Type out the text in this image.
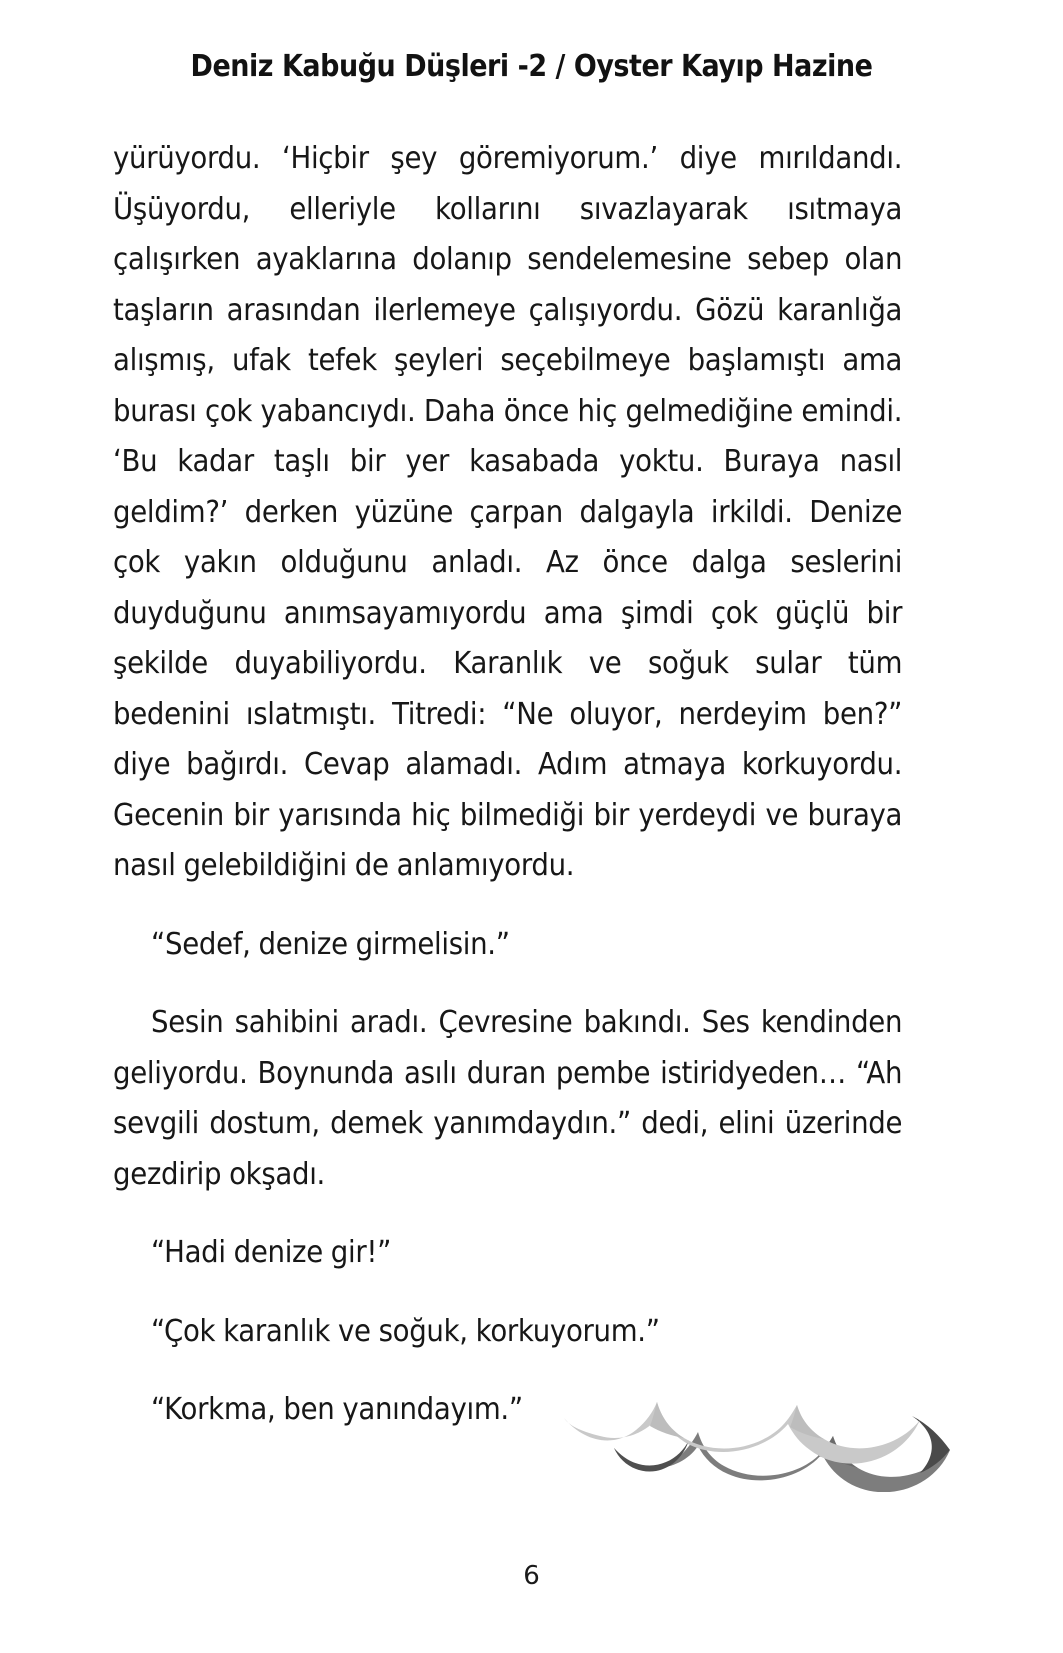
Deniz Kabuğu Düşleri -2 / Oyster Kayıp Hazine

yürüyordu. ‘Hiçbir şey göremiyorum.’ diye mırıldandı. Üşüyordu, elleriyle kollarını sıvazlayarak ısıtmaya çalışırken ayaklarına dolanıp sendelemesine sebep olan taşların arasından ilerlemeye çalışıyordu. Gözü karanlığa alışmış, ufak tefek şeyleri seçebilmeye başlamıştı ama burası çok yabancıydı. Daha önce hiç gelmediğine emindi. ‘Bu kadar taşlı bir yer kasabada yoktu. Buraya nasıl geldim?’ derken yüzüne çarpan dalgayla irkildi. Denize çok yakın olduğunu anladı. Az önce dalga seslerini duyduğunu anımsayamıyordu ama şimdi çok güçlü bir şekilde duyabiliyordu. Karanlık ve soğuk sular tüm bedenini ıslatmıştı. Titredi: “Ne oluyor, nerdeyim ben?” diye bağırdı. Cevap alamadı. Adım atmaya korkuyordu. Gecenin bir yarısında hiç bilmediği bir yerdeydi ve buraya nasıl gelebildiğini de anlamıyordu.

“Sedef, denize girmelisin.”

Sesin sahibini aradı. Çevresine bakındı. Ses kendinden geliyordu. Boynunda asılı duran pembe istiridyeden… “Ah sevgili dostum, demek yanımdaydın.” dedi, elini üzerinde gezdirip okşadı.

“Hadi denize gir!”

“Çok karanlık ve soğuk, korkuyorum.”

“Korkma, ben yanındayım.”

6
